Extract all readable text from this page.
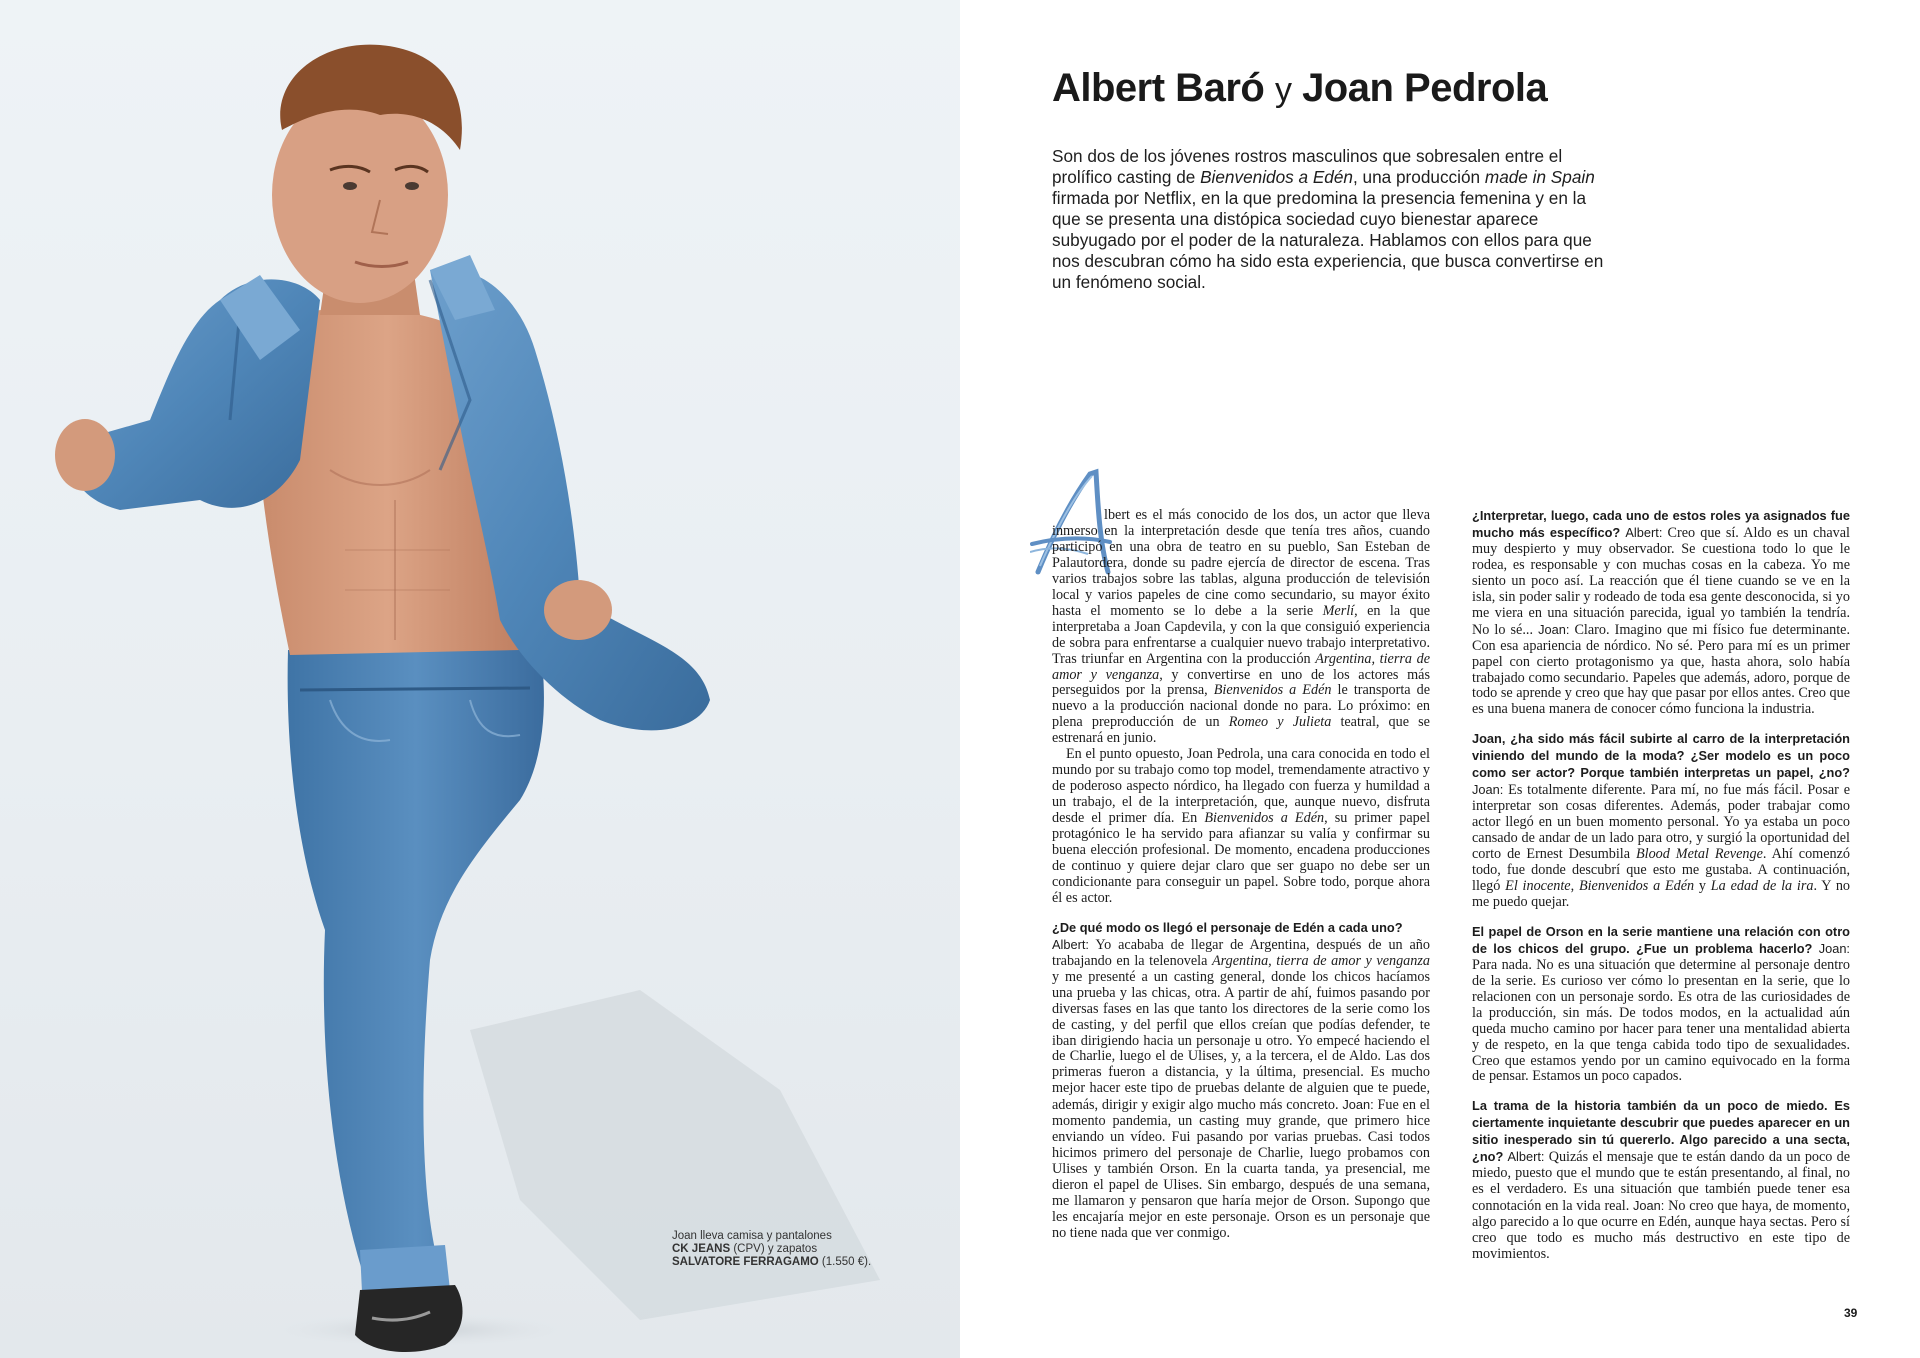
Joan lleva camisa y pantalones
CK JEANS (CPV) y zapatos
SALVATORE FERRAGAMO (1.550 €).
Albert Baró y Joan Pedrola

Son dos de los jóvenes rostros masculinos que sobresalen entre el prolífico casting de Bienvenidos a Edén, una producción made in Spain firmada por Netflix, en la que predomina la presencia femenina y en la que se presenta una distópica sociedad cuyo bienestar aparece subyugado por el poder de la naturaleza. Hablamos con ellos para que nos descubran cómo ha sido esta experiencia, que busca convertirse en un fenómeno social.

lbert es el más conocido de los dos, un actor que lleva inmerso en la interpretación desde que tenía tres años, cuando participó en una obra de teatro en su pueblo, San Esteban de Palautordera, donde su padre ejercía de director de escena. Tras varios trabajos sobre las tablas, alguna producción de televisión local y varios papeles de cine como secundario, su mayor éxito hasta el momento se lo debe a la serie Merlí, en la que interpretaba a Joan Capdevila, y con la que consiguió experiencia de sobra para enfrentarse a cualquier nuevo trabajo interpretativo. Tras triunfar en Argentina con la producción Argentina, tierra de amor y venganza, y convertirse en uno de los actores más perseguidos por la prensa, Bienvenidos a Edén le transporta de nuevo a la producción nacional donde no para. Lo próximo: en plena preproducción de un Romeo y Julieta teatral, que se estrenará en junio.

En el punto opuesto, Joan Pedrola, una cara conocida en todo el mundo por su trabajo como top model, tremendamente atractivo y de poderoso aspecto nórdico, ha llegado con fuerza y humildad a un trabajo, el de la interpretación, que, aunque nuevo, disfruta desde el primer día. En Bienvenidos a Edén, su primer papel protagónico le ha servido para afianzar su valía y confirmar su buena elección profesional. De momento, encadena producciones de continuo y quiere dejar claro que ser guapo no debe ser un condicionante para conseguir un papel. Sobre todo, porque ahora él es actor.

¿De qué modo os llegó el personaje de Edén a cada uno?
Albert: Yo acababa de llegar de Argentina, después de un año trabajando en la telenovela Argentina, tierra de amor y venganza y me presenté a un casting general, donde los chicos hacíamos una prueba y las chicas, otra. A partir de ahí, fuimos pasando por diversas fases en las que tanto los directores de la serie como los de casting, y del perfil que ellos creían que podías defender, te iban dirigiendo hacia un personaje u otro. Yo empecé haciendo el de Charlie, luego el de Ulises, y, a la tercera, el de Aldo. Las dos primeras fueron a distancia, y la última, presencial. Es mucho mejor hacer este tipo de pruebas delante de alguien que te puede, además, dirigir y exigir algo mucho más concreto. Joan: Fue en el momento pandemia, un casting muy grande, que primero hice enviando un vídeo. Fui pasando por varias pruebas. Casi todos hicimos primero del personaje de Charlie, luego probamos con Ulises y también Orson. En la cuarta tanda, ya presencial, me dieron el papel de Ulises. Sin embargo, después de una semana, me llamaron y pensaron que haría mejor de Orson. Supongo que les encajaría mejor en este personaje. Orson es un personaje que no tiene nada que ver conmigo.

¿Interpretar, luego, cada uno de estos roles ya asignados fue mucho más específico? Albert: Creo que sí. Aldo es un chaval muy despierto y muy observador. Se cuestiona todo lo que le rodea, es responsable y con muchas cosas en la cabeza. Yo me siento un poco así. La reacción que él tiene cuando se ve en la isla, sin poder salir y rodeado de toda esa gente desconocida, si yo me viera en una situación parecida, igual yo también la tendría. No lo sé... Joan: Claro. Imagino que mi físico fue determinante. Con esa apariencia de nórdico. No sé. Pero para mí es un primer papel con cierto protagonismo ya que, hasta ahora, solo había trabajado como secundario. Papeles que además, adoro, porque de todo se aprende y creo que hay que pasar por ellos antes. Creo que es una buena manera de conocer cómo funciona la industria.

Joan, ¿ha sido más fácil subirte al carro de la interpretación viniendo del mundo de la moda? ¿Ser modelo es un poco como ser actor? Porque también interpretas un papel, ¿no? Joan: Es totalmente diferente. Para mí, no fue más fácil. Posar e interpretar son cosas diferentes. Además, poder trabajar como actor llegó en un buen momento personal. Yo ya estaba un poco cansado de andar de un lado para otro, y surgió la oportunidad del corto de Ernest Desumbila Blood Metal Revenge. Ahí comenzó todo, fue donde descubrí que esto me gustaba. A continuación, llegó El inocente, Bienvenidos a Edén y La edad de la ira. Y no me puedo quejar.

El papel de Orson en la serie mantiene una relación con otro de los chicos del grupo. ¿Fue un problema hacerlo? Joan: Para nada. No es una situación que determine al personaje dentro de la serie. Es curioso ver cómo lo presentan en la serie, que lo relacionen con un personaje sordo. Es otra de las curiosidades de la producción, sin más. De todos modos, en la actualidad aún queda mucho camino por hacer para tener una mentalidad abierta y de respeto, en la que tenga cabida todo tipo de sexualidades. Creo que estamos yendo por un camino equivocado en la forma de pensar. Estamos un poco capados.

La trama de la historia también da un poco de miedo. Es ciertamente inquietante descubrir que puedes aparecer en un sitio inesperado sin tú quererlo. Algo parecido a una secta, ¿no? Albert: Quizás el mensaje que te están dando da un poco de miedo, puesto que el mundo que te están presentando, al final, no es el verdadero. Es una situación que también puede tener esa connotación en la vida real. Joan: No creo que haya, de momento, algo parecido a lo que ocurre en Edén, aunque haya sectas. Pero sí creo que todo es mucho más destructivo en este tipo de movimientos.

39
